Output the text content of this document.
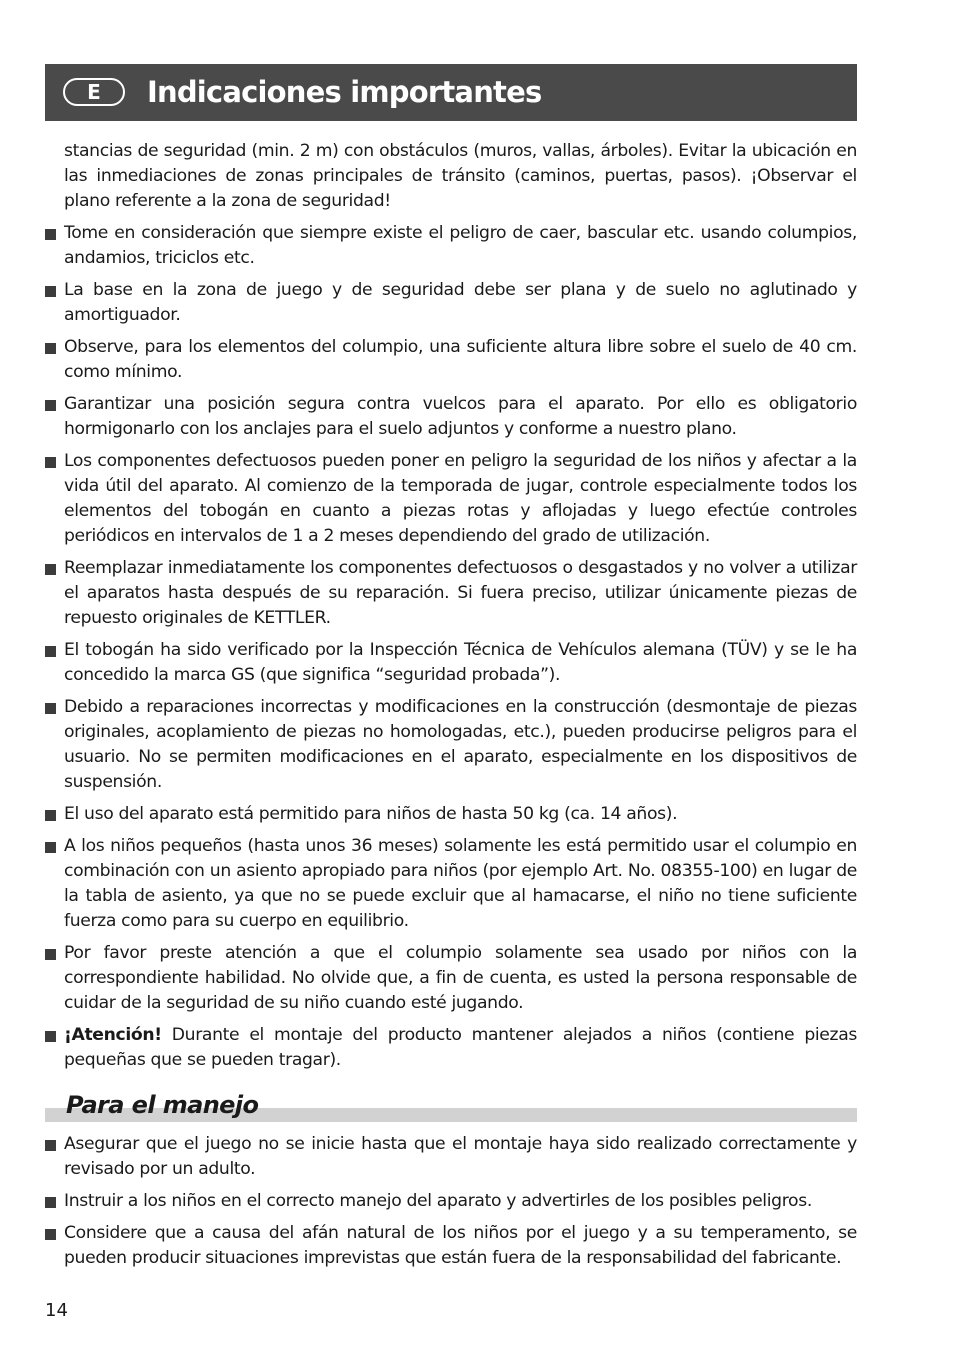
E	Indicaciones importantes

stancias de seguridad (min. 2 m) con obstáculos (muros, vallas, árboles). Evitar la ubicación en las inmediaciones de zonas principales de tránsito (caminos, puertas, pasos). ¡Observar el plano referente a la zona de seguridad!

Tome en consideración que siempre existe el peligro de caer, bascular etc. usando columpios, andamios, triciclos etc.

La base en la zona de juego y de seguridad debe ser plana y de suelo no aglutinado y amortiguador.

Observe, para los elementos del columpio, una suficiente altura libre sobre el suelo de 40 cm. como mínimo.

Garantizar una posición segura contra vuelcos para el aparato. Por ello es obligatorio hormigonarlo con los anclajes para el suelo adjuntos y conforme a nuestro plano.

Los componentes defectuosos pueden poner en peligro la seguridad de los niños y afectar a la vida útil del aparato. Al comienzo de la temporada de jugar, controle especialmente todos los elementos del tobogán en cuanto a piezas rotas y aflojadas y luego efectúe controles periódicos en intervalos de 1 a 2 meses dependiendo del grado de utilización.

Reemplazar inmediatamente los componentes defectuosos o desgastados y no volver a utilizar el aparatos hasta después de su reparación. Si fuera preciso, utilizar únicamente piezas de repuesto originales de KETTLER.

El tobogán ha sido verificado por la Inspección Técnica de Vehículos alemana (TÜV) y se le ha concedido la marca GS (que significa “seguridad probada”).

Debido a reparaciones incorrectas y modificaciones en la construcción (desmontaje de piezas originales, acoplamiento de piezas no homologadas, etc.), pueden producirse peligros para el usuario. No se permiten modificaciones en el aparato, especialmente en los dispositivos de suspensión.

El uso del aparato está permitido para niños de hasta 50 kg (ca. 14 años).

A los niños pequeños (hasta unos 36 meses) solamente les está permitido usar el columpio en combinación con un asiento apropiado para niños (por ejemplo Art. No. 08355-100) en lugar de la tabla de asiento, ya que no se puede excluir que al hamacarse, el niño no tiene suficiente fuerza como para su cuerpo en equilibrio.

Por favor preste atención a que el columpio solamente sea usado por niños con la correspondiente habilidad. No olvide que, a fin de cuenta, es usted la persona responsable de cuidar de la seguridad de su niño cuando esté jugando.

¡Atención! Durante el montaje del producto mantener alejados a niños (contiene piezas pequeñas que se pueden tragar).

Para el manejo

Asegurar que el juego no se inicie hasta que el montaje haya sido realizado correctamente y revisado por un adulto.

Instruir a los niños en el correcto manejo del aparato y advertirles de los posibles peligros.

Considere que a causa del afán natural de los niños por el juego y a su temperamento, se pueden producir situaciones imprevistas que están fuera de la responsabilidad del fabricante.

14
